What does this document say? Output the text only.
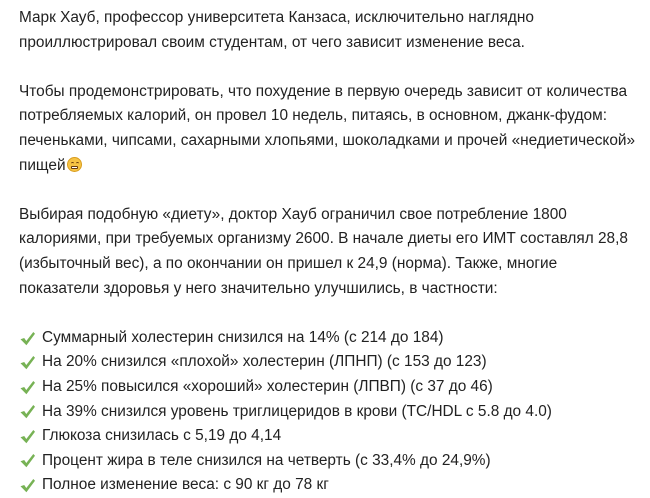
Марк Хауб, профессор университета Канзаса, исключительно наглядно проиллюстрировал своим студентам, от чего зависит изменение веса.

Чтобы продемонстрировать, что похудение в первую очередь зависит от количества потребляемых калорий, он провел 10 недель, питаясь, в основном, джанк-фудом: печеньками, чипсами, сахарными хлопьями, шоколадками и прочей «недиетической» пищей

Выбирая подобную «диету», доктор Хауб ограничил свое потребление 1800 калориями, при требуемых организму 2600. В начале диеты его ИМТ составлял 28,8 (избыточный вес), а по окончании он пришел к 24,9 (норма). Также, многие показатели здоровья у него значительно улучшились, в частности:

Суммарный холестерин снизился на 14% (с 214 до 184)
На 20% снизился «плохой» холестерин (ЛПНП) (с 153 до 123)
На 25% повысился «хороший» холестерин (ЛПВП) (с 37 до 46)
На 39% снизился уровень триглицеридов в крови (TC/HDL с 5.8 до 4.0)
Глюкоза снизилась с 5,19 до 4,14
Процент жира в теле снизился на четверть (с 33,4% до 24,9%)
Полное изменение веса: с 90 кг до 78 кг
